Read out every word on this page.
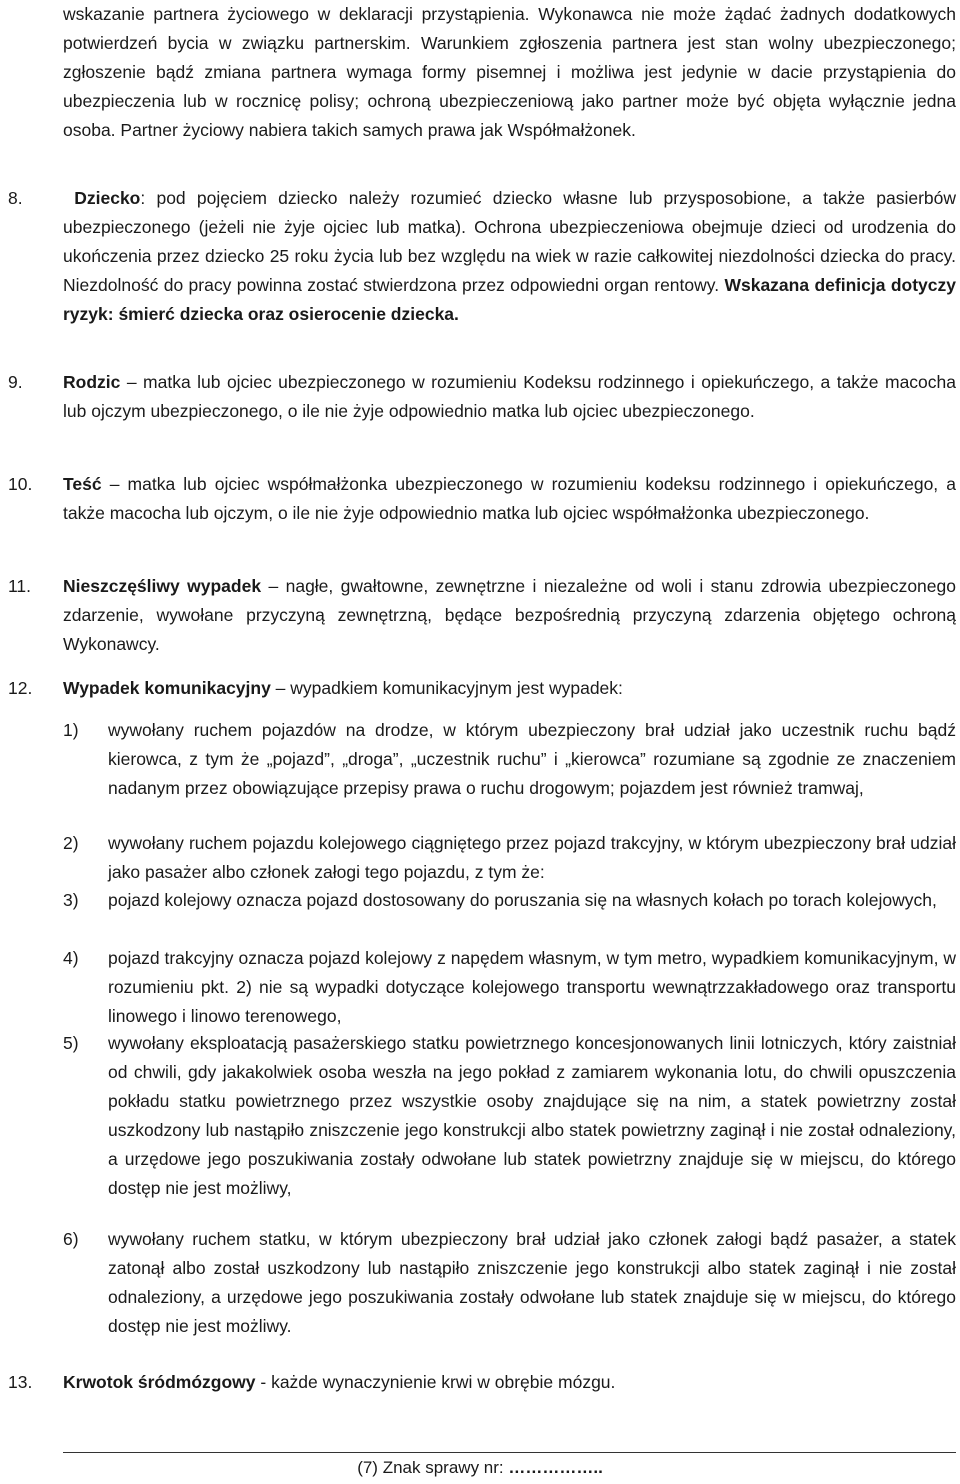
wskazanie partnera życiowego w deklaracji przystąpienia. Wykonawca nie może żądać żadnych dodatkowych potwierdzeń bycia w związku partnerskim. Warunkiem zgłoszenia partnera jest stan wolny ubezpieczonego; zgłoszenie bądź zmiana partnera wymaga formy pisemnej i możliwa jest jedynie w dacie przystąpienia do ubezpieczenia lub w rocznicę polisy; ochroną ubezpieczeniową jako partner może być objęta wyłącznie jedna osoba. Partner życiowy nabiera takich samych prawa jak Współmałżonek.
8.	Dziecko: pod pojęciem dziecko należy rozumieć dziecko własne lub przysposobione, a także pasierbów ubezpieczonego (jeżeli nie żyje ojciec lub matka). Ochrona ubezpieczeniowa obejmuje dzieci od urodzenia do ukończenia przez dziecko 25 roku życia lub bez względu na wiek w razie całkowitej niezdolności dziecka do pracy. Niezdolność do pracy powinna zostać stwierdzona przez odpowiedni organ rentowy. Wskazana definicja dotyczy ryzyk: śmierć dziecka oraz osierocenie dziecka.
9. Rodzic – matka lub ojciec ubezpieczonego w rozumieniu Kodeksu rodzinnego i opiekuńczego, a także macocha lub ojczym ubezpieczonego, o ile nie żyje odpowiednio matka lub ojciec ubezpieczonego.
10. Teść – matka lub ojciec współmałżonka ubezpieczonego w rozumieniu kodeksu rodzinnego i opiekuńczego, a także macocha lub ojczym, o ile nie żyje odpowiednio matka lub ojciec współmałżonka ubezpieczonego.
11. Nieszczęśliwy wypadek – nagłe, gwałtowne, zewnętrzne i niezależne od woli i stanu zdrowia ubezpieczonego zdarzenie, wywołane przyczyną zewnętrzną, będące bezpośrednią przyczyną zdarzenia objętego ochroną Wykonawcy.
12. Wypadek komunikacyjny – wypadkiem komunikacyjnym jest wypadek:
1) wywołany ruchem pojazdów na drodze, w którym ubezpieczony brał udział jako uczestnik ruchu bądź kierowca, z tym że „pojazd”, „droga”, „uczestnik ruchu” i „kierowca” rozumiane są zgodnie ze znaczeniem nadanym przez obowiązujące przepisy prawa o ruchu drogowym; pojazdem jest również tramwaj,
2) wywołany ruchem pojazdu kolejowego ciągniętego przez pojazd trakcyjny, w którym ubezpieczony brał udział jako pasażer albo członek załogi tego pojazdu, z tym że:
3) pojazd kolejowy oznacza pojazd dostosowany do poruszania się na własnych kołach po torach kolejowych,
4) pojazd trakcyjny oznacza pojazd kolejowy z napędem własnym, w tym metro, wypadkiem komunikacyjnym, w rozumieniu pkt. 2) nie są wypadki dotyczące kolejowego transportu wewnątrzzakładowego oraz transportu linowego i linowo terenowego,
5) wywołany eksploatacją pasażerskiego statku powietrznego koncesjonowanych linii lotniczych, który zaistniał od chwili, gdy jakakolwiek osoba weszła na jego pokład z zamiarem wykonania lotu, do chwili opuszczenia pokładu statku powietrznego przez wszystkie osoby znajdujące się na nim, a statek powietrzny został uszkodzony lub nastąpiło zniszczenie jego konstrukcji albo statek powietrzny zaginął i nie został odnaleziony, a urzędowe jego poszukiwania zostały odwołane lub statek powietrzny znajduje się w miejscu, do którego dostęp nie jest możliwy,
6) wywołany ruchem statku, w którym ubezpieczony brał udział jako członek załogi bądź pasażer, a statek zatonął albo został uszkodzony lub nastąpiło zniszczenie jego konstrukcji albo statek zaginął i nie został odnaleziony, a urzędowe jego poszukiwania zostały odwołane lub statek znajduje się w miejscu, do którego dostęp nie jest możliwy.
13. Krwotok śródmózgowy - każde wynaczynienie krwi w obrębie mózgu.
(7) Znak sprawy nr: ……………..
